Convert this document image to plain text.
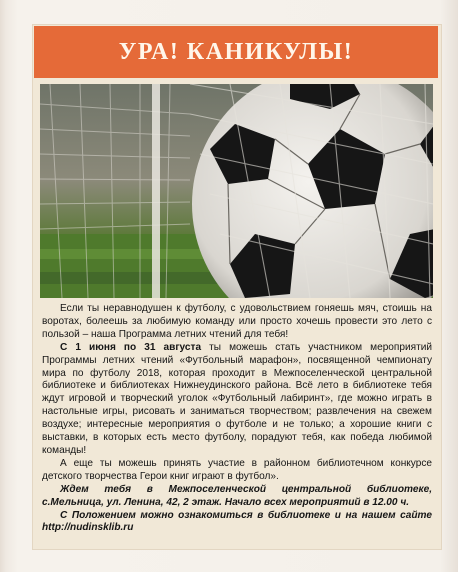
УРА! КАНИКУЛЫ!

Если ты неравнодушен к футболу, с удовольствием гоняешь мяч, стоишь на воротах, болеешь за любимую команду или просто хочешь провести это лето с пользой – наша Программа летних чтений для тебя!

С 1 июня по 31 августа ты можешь стать участником мероприятий Программы летних чтений «Футбольный марафон», посвященной чемпионату мира по футболу 2018, которая проходит в Межпоселенческой центральной библиотеке и библиотеках Нижнеудинского района. Всё лето в библиотеке тебя ждут игровой и творческий уголок «Футбольный лабиринт», где можно играть в настольные игры, рисовать и заниматься творчеством; развлечения на свежем воздухе; интересные мероприятия о футболе и не только; а хорошие книги с выставки, в которых есть место футболу, порадуют тебя, как победа любимой команды!

А еще ты можешь принять участие в районном библиотечном конкурсе детского творчества Герои книг играют в футбол».

Ждем тебя в Межпоселенческой центральной библиотеке, с.Мельница, ул. Ленина, 42, 2 этаж. Начало всех мероприятий в 12.00 ч.

С Положением можно ознакомиться в библиотеке и на нашем сайте http://nudinsklib.ru
